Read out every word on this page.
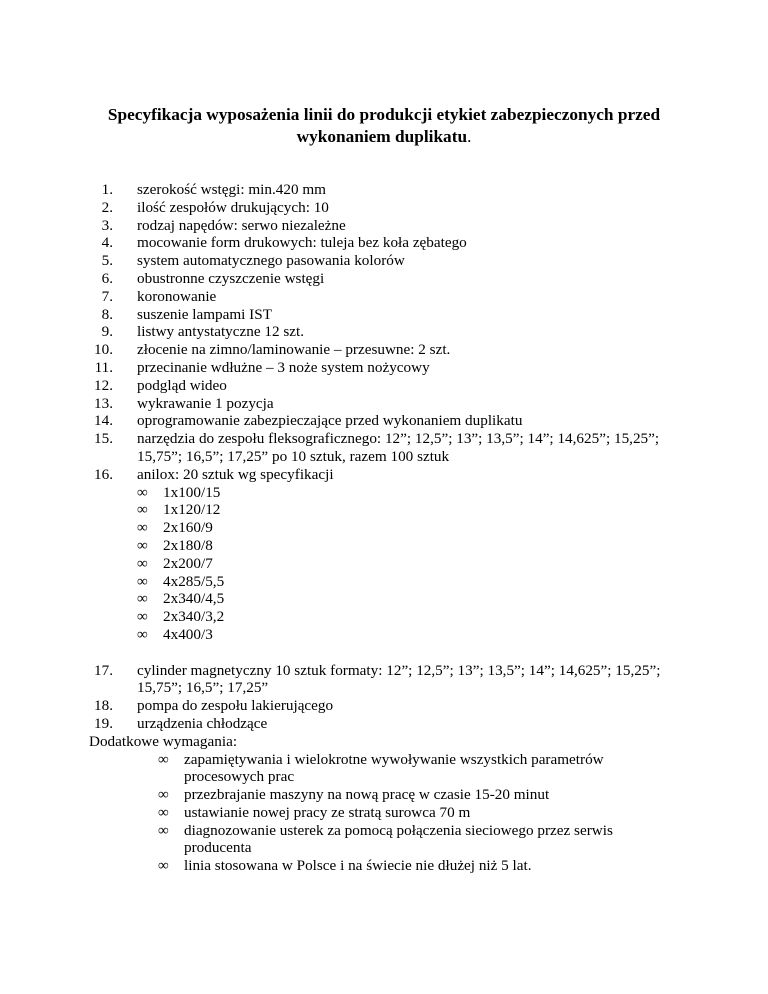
Specyfikacja wyposażenia linii do produkcji etykiet zabezpieczonych przed wykonaniem duplikatu.
1. szerokość wstęgi: min.420 mm
2. ilość zespołów drukujących: 10
3. rodzaj napędów: serwo niezależne
4. mocowanie form drukowych: tuleja bez koła zębatego
5. system automatycznego pasowania kolorów
6. obustronne czyszczenie wstęgi
7. koronowanie
8. suszenie lampami IST
9. listwy antystatyczne 12 szt.
10. złocenie na zimno/laminowanie – przesuwne: 2 szt.
11. przecinanie wdłużne – 3 noże system nożycowy
12. podgląd wideo
13. wykrawanie 1 pozycja
14. oprogramowanie zabezpieczające przed wykonaniem duplikatu
15. narzędzia do zespołu fleksograficznego: 12”; 12,5”; 13”; 13,5”; 14”; 14,625”; 15,25”;
15,75”; 16,5”; 17,25” po 10 sztuk, razem 100 sztuk
16. anilox: 20 sztuk wg specyfikacji
∞ 1x100/15
∞ 1x120/12
∞ 2x160/9
∞ 2x180/8
∞ 2x200/7
∞ 4x285/5,5
∞ 2x340/4,5
∞ 2x340/3,2
∞ 4x400/3
17. cylinder magnetyczny 10 sztuk formaty: 12”; 12,5”; 13”; 13,5”; 14”; 14,625”; 15,25”;
15,75”; 16,5”; 17,25”
18. pompa do zespołu lakierującego
19. urządzenia chłodzące
Dodatkowe wymagania:
∞ zapamiętywania i wielokrotne wywoływanie wszystkich parametrów
procesowych prac
∞ przezbrajanie maszyny na nową pracę w czasie 15-20 minut
∞ ustawianie nowej pracy ze stratą surowca 70 m
∞ diagnozowanie usterek za pomocą połączenia sieciowego przez serwis
producenta
∞ linia stosowana w Polsce i na świecie nie dłużej niż 5 lat.
